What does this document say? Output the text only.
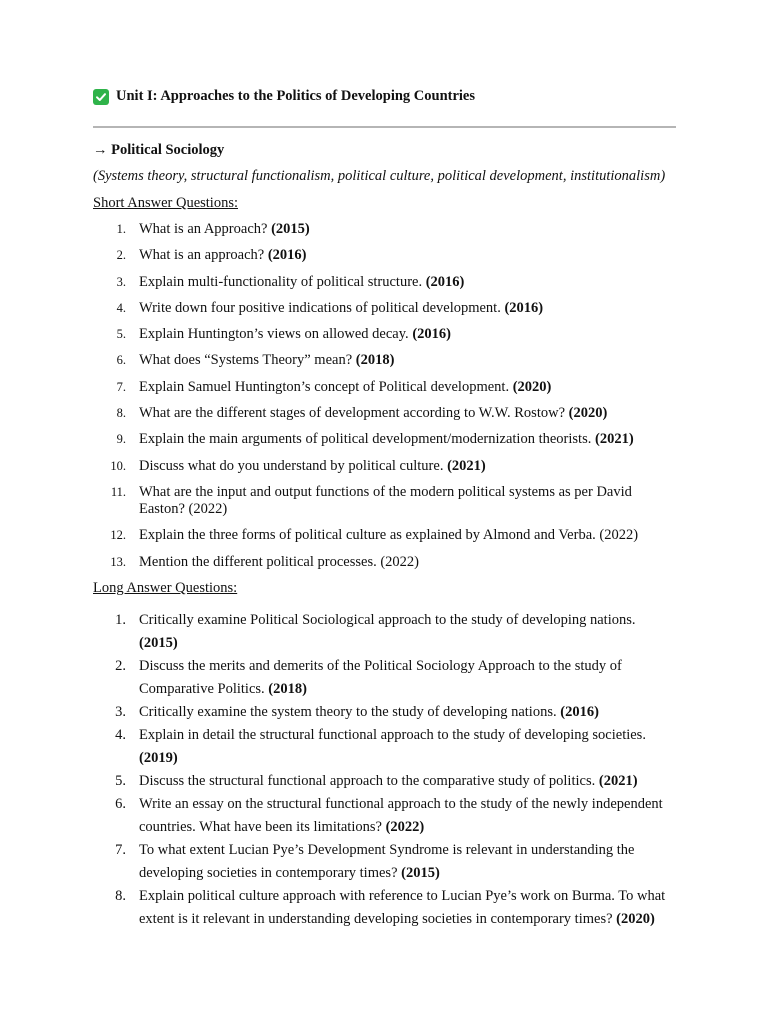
Unit I: Approaches to the Politics of Developing Countries
→ Political Sociology
(Systems theory, structural functionalism, political culture, political development, institutionalism)
Short Answer Questions:
1. What is an Approach? (2015)
2. What is an approach? (2016)
3. Explain multi-functionality of political structure. (2016)
4. Write down four positive indications of political development. (2016)
5. Explain Huntington’s views on allowed decay. (2016)
6. What does “Systems Theory” mean? (2018)
7. Explain Samuel Huntington’s concept of Political development. (2020)
8. What are the different stages of development according to W.W. Rostow? (2020)
9. Explain the main arguments of political development/modernization theorists. (2021)
10. Discuss what do you understand by political culture. (2021)
11. What are the input and output functions of the modern political systems as per David Easton? (2022)
12. Explain the three forms of political culture as explained by Almond and Verba. (2022)
13. Mention the different political processes. (2022)
Long Answer Questions:
1. Critically examine Political Sociological approach to the study of developing nations. (2015)
2. Discuss the merits and demerits of the Political Sociology Approach to the study of Comparative Politics. (2018)
3. Critically examine the system theory to the study of developing nations. (2016)
4. Explain in detail the structural functional approach to the study of developing societies. (2019)
5. Discuss the structural functional approach to the comparative study of politics. (2021)
6. Write an essay on the structural functional approach to the study of the newly independent countries. What have been its limitations? (2022)
7. To what extent Lucian Pye’s Development Syndrome is relevant in understanding the developing societies in contemporary times? (2015)
8. Explain political culture approach with reference to Lucian Pye’s work on Burma. To what extent is it relevant in understanding developing societies in contemporary times? (2020)
